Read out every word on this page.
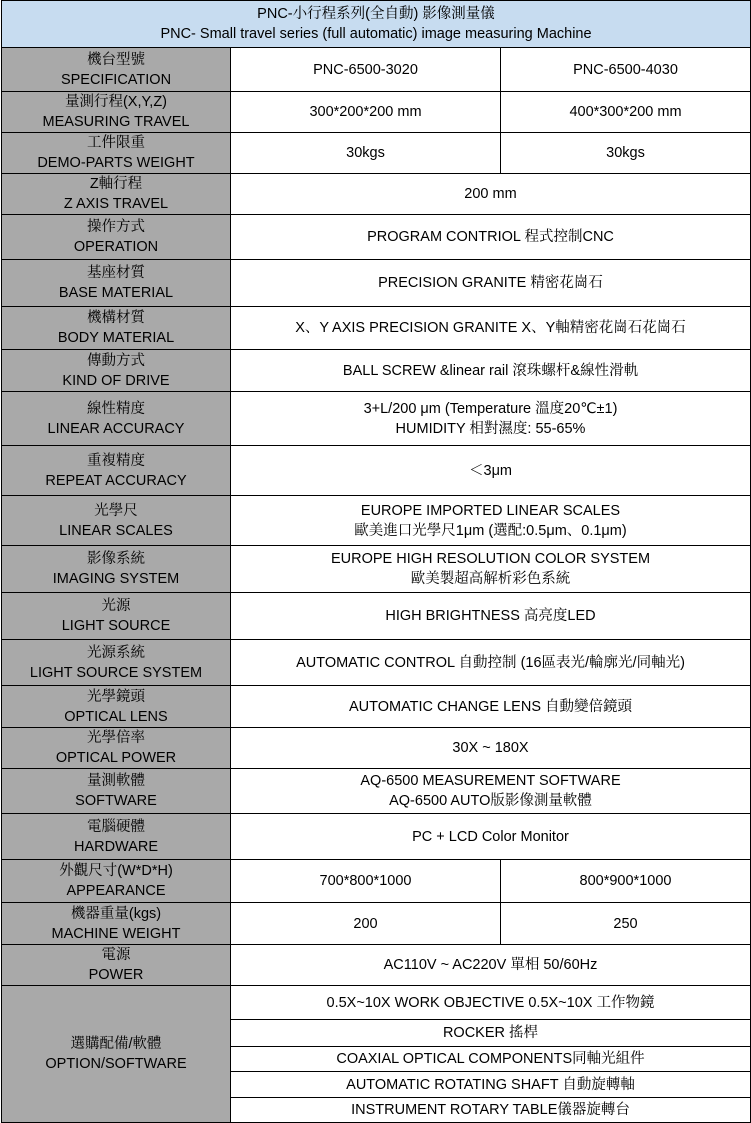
PNC-小行程系列(全自動) 影像測量儀
PNC- Small travel series (full automatic) image measuring Machine		

機台型號
SPECIFICATION	PNC-6500-3020	PNC-6500-4030

量測行程(X,Y,Z)
MEASURING TRAVEL	300*200*200 mm	400*300*200 mm

工件限重
DEMO-PARTS WEIGHT	30kgs	30kgs

Z軸行程
Z AXIS TRAVEL	200 mm	

操作方式
OPERATION	PROGRAM CONTRIOL 程式控制CNC	

基座材質
BASE MATERIAL	PRECISION GRANITE 精密花崗石	

機構材質
BODY MATERIAL	X、Y AXIS PRECISION GRANITE X、Y軸精密花崗石花崗石	

傳動方式
KIND OF DRIVE	BALL SCREW &linear rail 滾珠螺杆&線性滑軌	

線性精度
LINEAR ACCURACY	3+L/200 μm (Temperature 溫度20℃±1)
HUMIDITY 相對濕度: 55-65%	

重複精度
REPEAT ACCURACY	＜3μm	

光學尺
LINEAR SCALES	EUROPE IMPORTED LINEAR SCALES
歐美進口光學尺1μm (選配:0.5μm、0.1μm)	

影像系統
IMAGING SYSTEM	EUROPE HIGH RESOLUTION COLOR SYSTEM
歐美製超高解析彩色系統	

光源
LIGHT SOURCE	HIGH BRIGHTNESS 高亮度LED	

光源系統
LIGHT SOURCE SYSTEM	AUTOMATIC CONTROL 自動控制 (16區表光/輪廓光/同軸光)	

光學鏡頭
OPTICAL LENS	AUTOMATIC CHANGE LENS 自動變倍鏡頭	

光學倍率
OPTICAL POWER	30X ~ 180X	

量測軟體
SOFTWARE	AQ-6500 MEASUREMENT SOFTWARE
AQ-6500 AUTO版影像測量軟體	

電腦硬體
HARDWARE	PC + LCD Color Monitor	

外觀尺寸(W*D*H)
APPEARANCE	700*800*1000	800*900*1000

機器重量(kgs)
MACHINE WEIGHT	200	250

電源
POWER	AC110V ~ AC220V 單相 50/60Hz	

選購配備/軟體
OPTION/SOFTWARE	0.5X~10X WORK OBJECTIVE 0.5X~10X 工作物鏡	
	ROCKER 搖桿	
	COAXIAL OPTICAL COMPONENTS同軸光組件	
	AUTOMATIC ROTATING SHAFT 自動旋轉軸	
	INSTRUMENT ROTARY TABLE儀器旋轉台	
